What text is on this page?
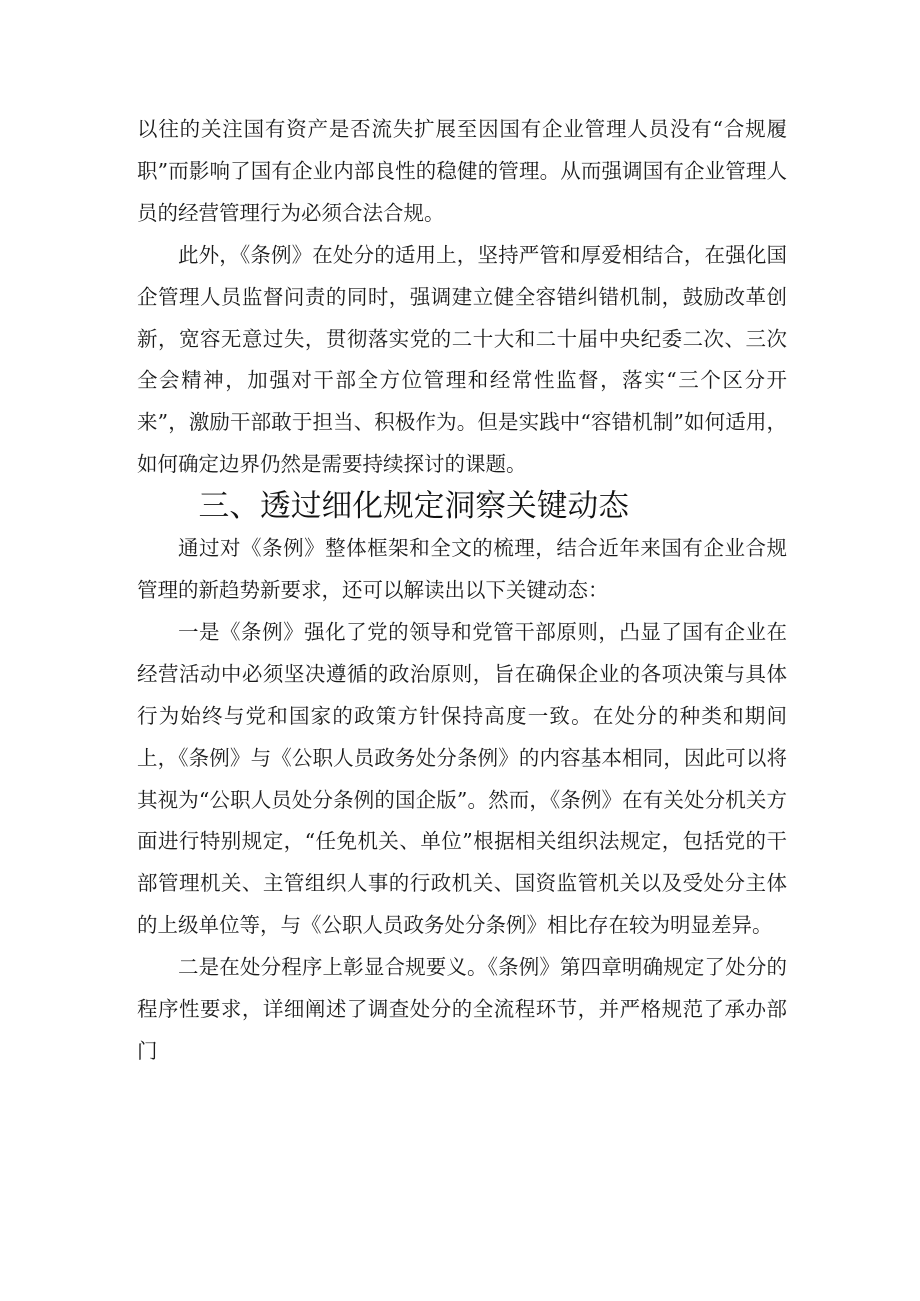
以往的关注国有资产是否流失扩展至因国有企业管理人员没有“合规履职”而影响了国有企业内部良性的稳健的管理。从而强调国有企业管理人员的经营管理行为必须合法合规。

此外，《条例》在处分的适用上，坚持严管和厚爱相结合，在强化国企管理人员监督问责的同时，强调建立健全容错纠错机制，鼓励改革创新，宽容无意过失，贯彻落实党的二十大和二十届中央纪委二次、三次全会精神，加强对干部全方位管理和经常性监督，落实“三个区分开来”，激励干部敢于担当、积极作为。但是实践中“容错机制”如何适用，如何确定边界仍然是需要持续探讨的课题。

三、透过细化规定洞察关键动态

通过对《条例》整体框架和全文的梳理，结合近年来国有企业合规管理的新趋势新要求，还可以解读出以下关键动态：

一是《条例》强化了党的领导和党管干部原则，凸显了国有企业在经营活动中必须坚决遵循的政治原则，旨在确保企业的各项决策与具体行为始终与党和国家的政策方针保持高度一致。在处分的种类和期间上，《条例》与《公职人员政务处分条例》的内容基本相同，因此可以将其视为“公职人员处分条例的国企版”。然而，《条例》在有关处分机关方面进行特别规定，“任免机关、单位”根据相关组织法规定，包括党的干部管理机关、主管组织人事的行政机关、国资监管机关以及受处分主体的上级单位等，与《公职人员政务处分条例》相比存在较为明显差异。

二是在处分程序上彰显合规要义。《条例》第四章明确规定了处分的程序性要求，详细阐述了调查处分的全流程环节，并严格规范了承办部门
